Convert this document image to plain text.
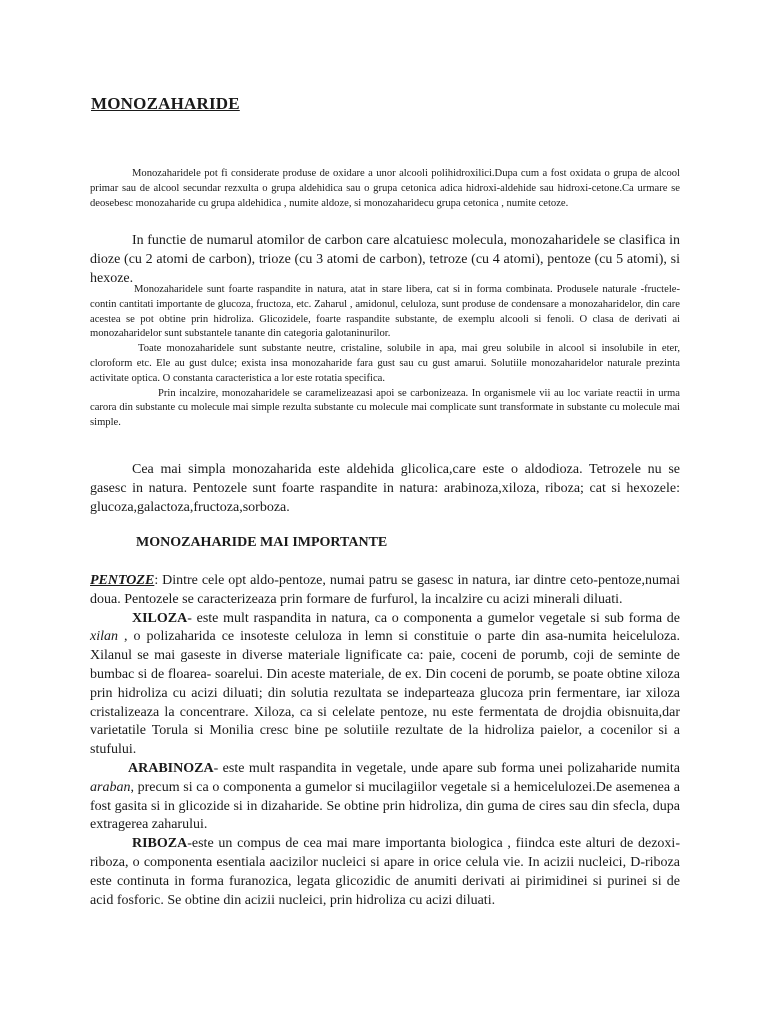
MONOZAHARIDE

Monozaharidele pot fi considerate produse de oxidare a unor alcooli polihidroxilici.Dupa cum a fost oxidata o grupa de alcool primar sau de alcool secundar rezxulta o grupa aldehidica sau o grupa cetonica adica hidroxi-aldehide sau hidroxi-cetone.Ca urmare se deosebesc monozaharide cu grupa aldehidica , numite aldoze, si monozaharidecu grupa cetonica , numite cetoze.

In functie de numarul atomilor de carbon care alcatuiesc molecula, monozaharidele se clasifica in dioze (cu 2 atomi de carbon), trioze (cu 3 atomi de carbon), tetroze (cu 4 atomi), pentoze (cu 5 atomi), si hexoze.

Monozaharidele sunt foarte raspandite in natura, atat in stare libera, cat si in forma combinata. Produsele naturale -fructele- contin cantitati importante de glucoza, fructoza, etc. Zaharul , amidonul, celuloza, sunt produse de condensare a monozaharidelor, din care acestea se pot obtine prin hidroliza. Glicozidele, foarte raspandite substante, de exemplu alcooli si fenoli. O clasa de derivati ai monozaharidelor sunt substantele tanante din categoria galotaninurilor.

Toate monozaharidele sunt substante neutre, cristaline, solubile in apa, mai greu solubile in alcool si insolubile in eter, cloroform etc. Ele au gust dulce; exista insa monozaharide fara gust sau cu gust amarui. Solutiile monozaharidelor naturale prezinta activitate optica. O constanta caracteristica a lor este rotatia specifica.

Prin incalzire, monozaharidele se caramelizeazasi apoi se carbonizeaza. In organismele vii au loc variate reactii in urma carora din substante cu molecule mai simple rezulta substante cu molecule mai complicate sunt transformate in substante cu molecule mai simple.

Cea mai simpla monozaharida este aldehida glicolica,care este o aldodioza. Tetrozele nu se gasesc in natura. Pentozele sunt foarte raspandite in natura: arabinoza,xiloza, riboza; cat si hexozele: glucoza,galactoza,fructoza,sorboza.

MONOZAHARIDE MAI IMPORTANTE

PENTOZE: Dintre cele opt aldo-pentoze, numai patru se gasesc in natura, iar dintre ceto-pentoze,numai doua. Pentozele se caracterizeaza prin formare de furfurol, la incalzire cu acizi minerali diluati.

XILOZA- este mult raspandita in natura, ca o componenta a gumelor vegetale si sub forma de xilan , o polizaharida ce insoteste celuloza in lemn si constituie o parte din asa-numita heiceluloza. Xilanul se mai gaseste in diverse materiale lignificate ca: paie, coceni de porumb, coji de seminte de bumbac si de floarea- soarelui. Din aceste materiale, de ex. Din coceni de porumb, se poate obtine xiloza prin hidroliza cu acizi diluati; din solutia rezultata se indeparteaza glucoza prin fermentare, iar xiloza cristalizeaza la concentrare. Xiloza, ca si celelate pentoze, nu este fermentata de drojdia obisnuita,dar varietatile Torula si Monilia cresc bine pe solutiile rezultate de la hidroliza paielor, a cocenilor si a stufului.

ARABINOZA- este mult raspandita in vegetale, unde apare sub forma unei polizaharide numita araban, precum si ca o componenta a gumelor si mucilagiilor vegetale si a hemicelulozei.De asemenea a fost gasita si in glicozide si in dizaharide. Se obtine prin hidroliza, din guma de cires sau din sfecla, dupa extragerea zaharului.

RIBOZA-este un compus de cea mai mare importanta biologica , fiindca este alturi de dezoxi-riboza, o componenta esentiala aacizilor nucleici si apare in orice celula vie. In acizii nucleici, D-riboza este continuta in forma furanozica, legata glicozidic de anumiti derivati ai pirimidinei si purinei si de acid fosforic. Se obtine din acizii nucleici, prin hidroliza cu acizi diluati.
